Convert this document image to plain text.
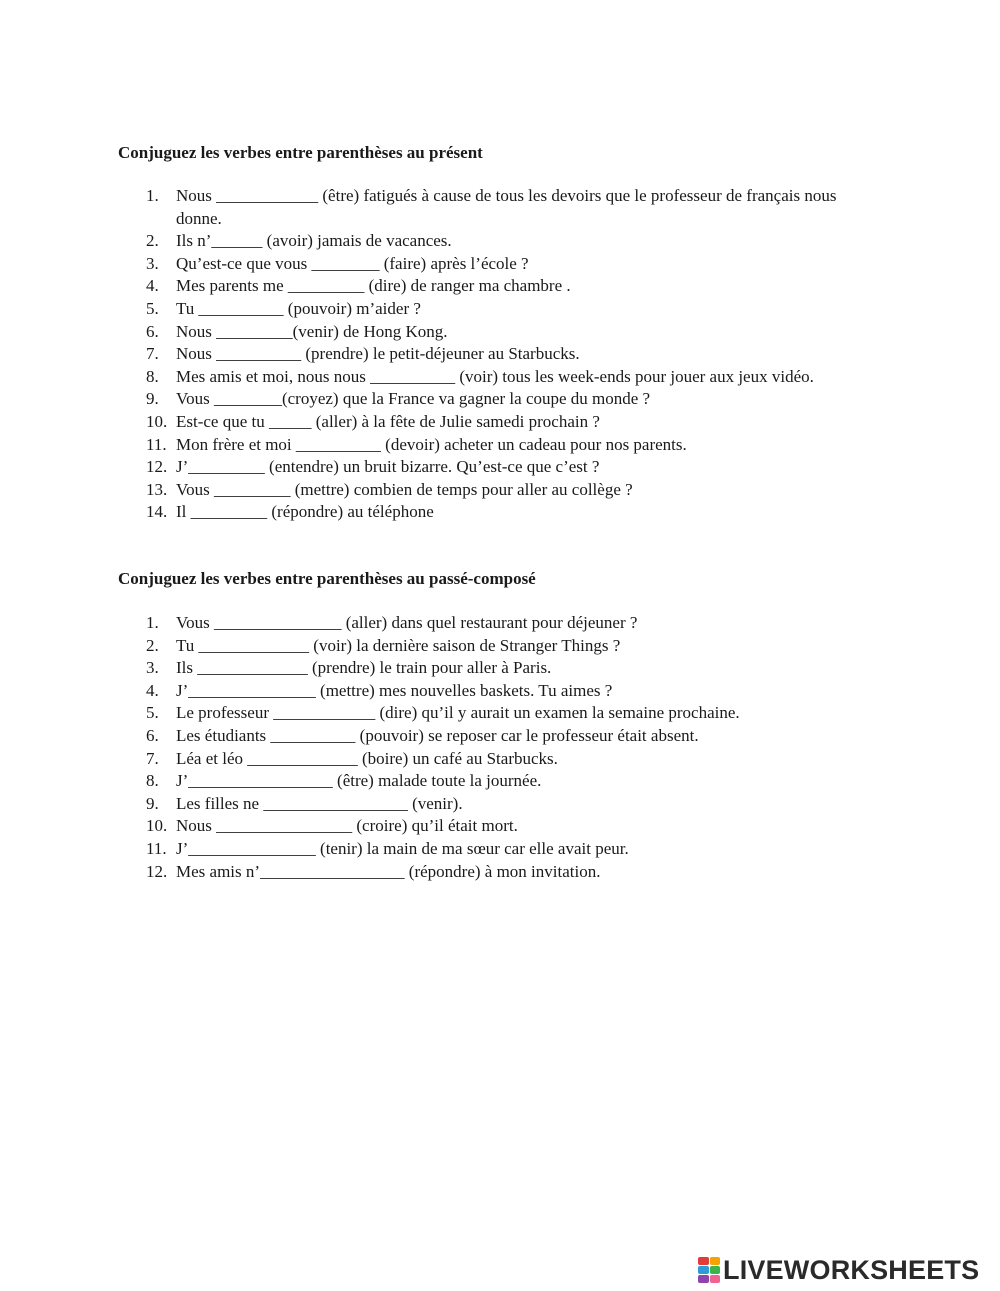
Conjuguez les verbes entre parenthèses au présent
1. Nous ____________ (être) fatigués à cause de tous les devoirs que le professeur de français nous donne.
2. Ils n’______ (avoir) jamais de vacances.
3. Qu’est-ce que vous ________ (faire) après l’école ?
4. Mes parents me _________ (dire) de ranger ma chambre .
5. Tu __________ (pouvoir) m’aider ?
6. Nous _________(venir) de Hong Kong.
7. Nous __________ (prendre) le petit-déjeuner au Starbucks.
8. Mes amis et moi, nous nous __________ (voir) tous les week-ends pour jouer aux jeux vidéo.
9. Vous ________(croyez) que la France va gagner la coupe du monde ?
10. Est-ce que tu _____ (aller) à la fête de Julie samedi prochain ?
11. Mon frère et moi __________ (devoir) acheter un cadeau pour nos parents.
12. J’_________ (entendre) un bruit bizarre. Qu’est-ce que c’est ?
13. Vous _________ (mettre) combien de temps pour aller au collège ?
14. Il _________ (répondre) au téléphone
Conjuguez les verbes entre parenthèses au passé-composé
1. Vous _______________ (aller) dans quel restaurant pour déjeuner ?
2. Tu _____________ (voir) la dernière saison de Stranger Things ?
3. Ils _____________ (prendre) le train pour aller à Paris.
4. J’_______________ (mettre) mes nouvelles baskets. Tu aimes ?
5. Le professeur ____________ (dire) qu’il y aurait un examen la semaine prochaine.
6. Les étudiants __________ (pouvoir) se reposer car le professeur était absent.
7. Léa et léo _____________ (boire) un café au Starbucks.
8. J’_________________ (être) malade toute la journée.
9. Les filles ne _________________ (venir).
10. Nous ________________ (croire) qu’il était mort.
11. J’_______________ (tenir) la main de ma sœur car elle avait peur.
12. Mes amis n’_________________ (répondre) à mon invitation.
LIVEWORKSHEETS
